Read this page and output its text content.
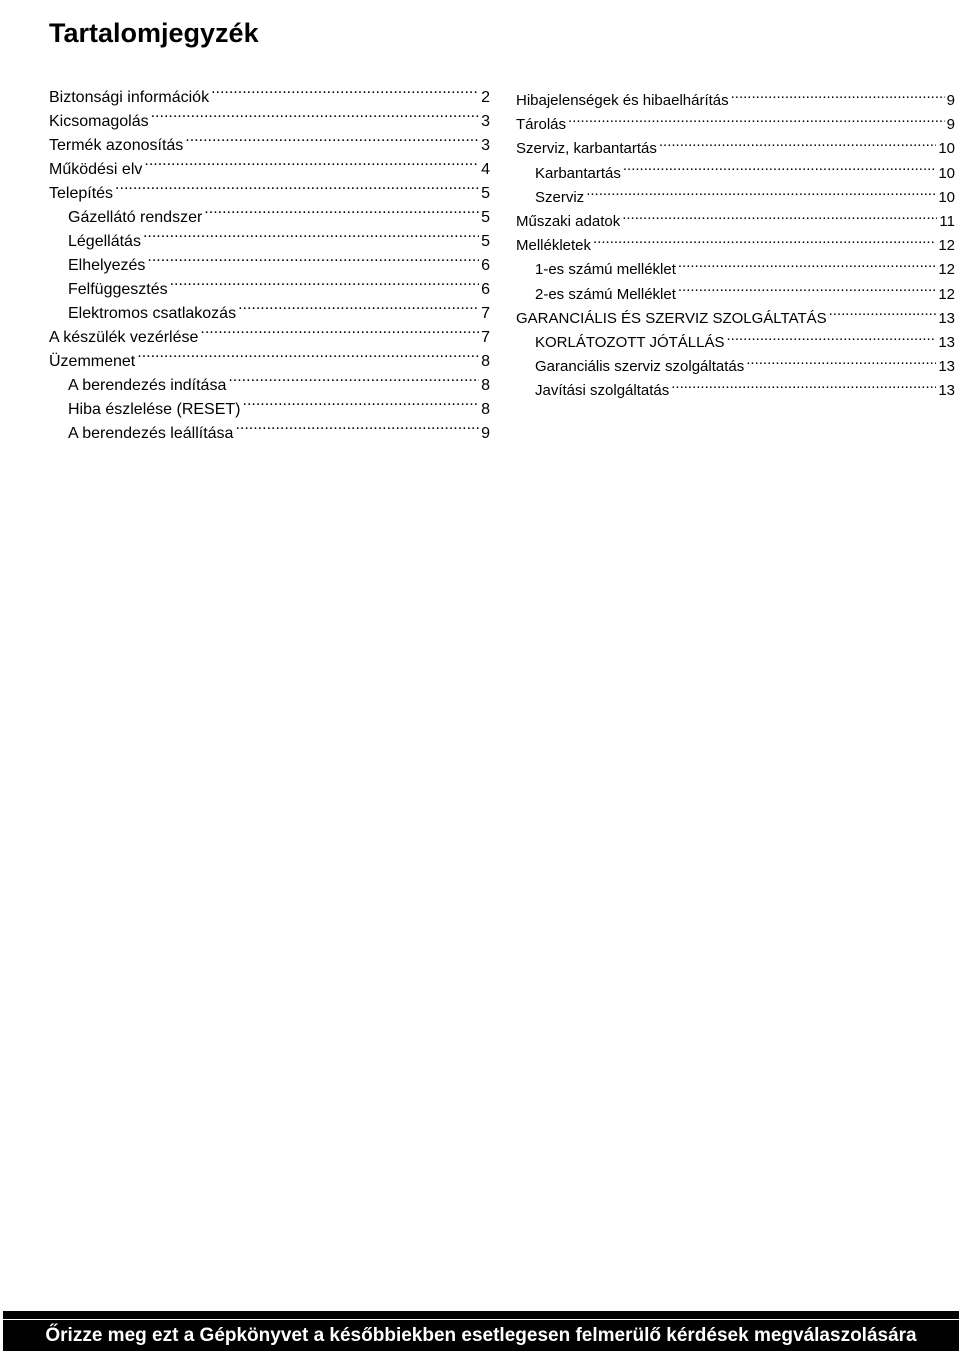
Tartalomjegyzék
Biztonsági információk .....	2
Kicsomagolás .....	3
Termék azonosítás .....	3
Működési elv .....	4
Telepítés .....	5
Gázellátó rendszer .....	5
Légellátás .....	5
Elhelyezés .....	6
Felfüggesztés .....	6
Elektromos csatlakozás .....	7
A készülék vezérlése .....	7
Üzemmenet .....	8
A berendezés indítása .....	8
Hiba észlelése (RESET) .....	8
A berendezés leállítása .....	9
Hibajelenségek és hibaelhárítás .....	9
Tárolás .....	9
Szerviz, karbantartás .....	10
Karbantartás .....	10
Szerviz .....	10
Műszaki adatok .....	11
Mellékletek .....	12
1-es számú melléklet .....	12
2-es számú Melléklet .....	12
GARANCIÁLIS ÉS SZERVIZ SZOLGÁLTATÁS .....	13
KORLÁTOZOTT JÓTÁLLÁS .....	13
Garanciális szerviz szolgáltatás .....	13
Javítási szolgáltatás .....	13
Őrizze meg ezt a Gépkönyvet a későbbiekben esetlegesen felmerülő kérdések megválaszolására
